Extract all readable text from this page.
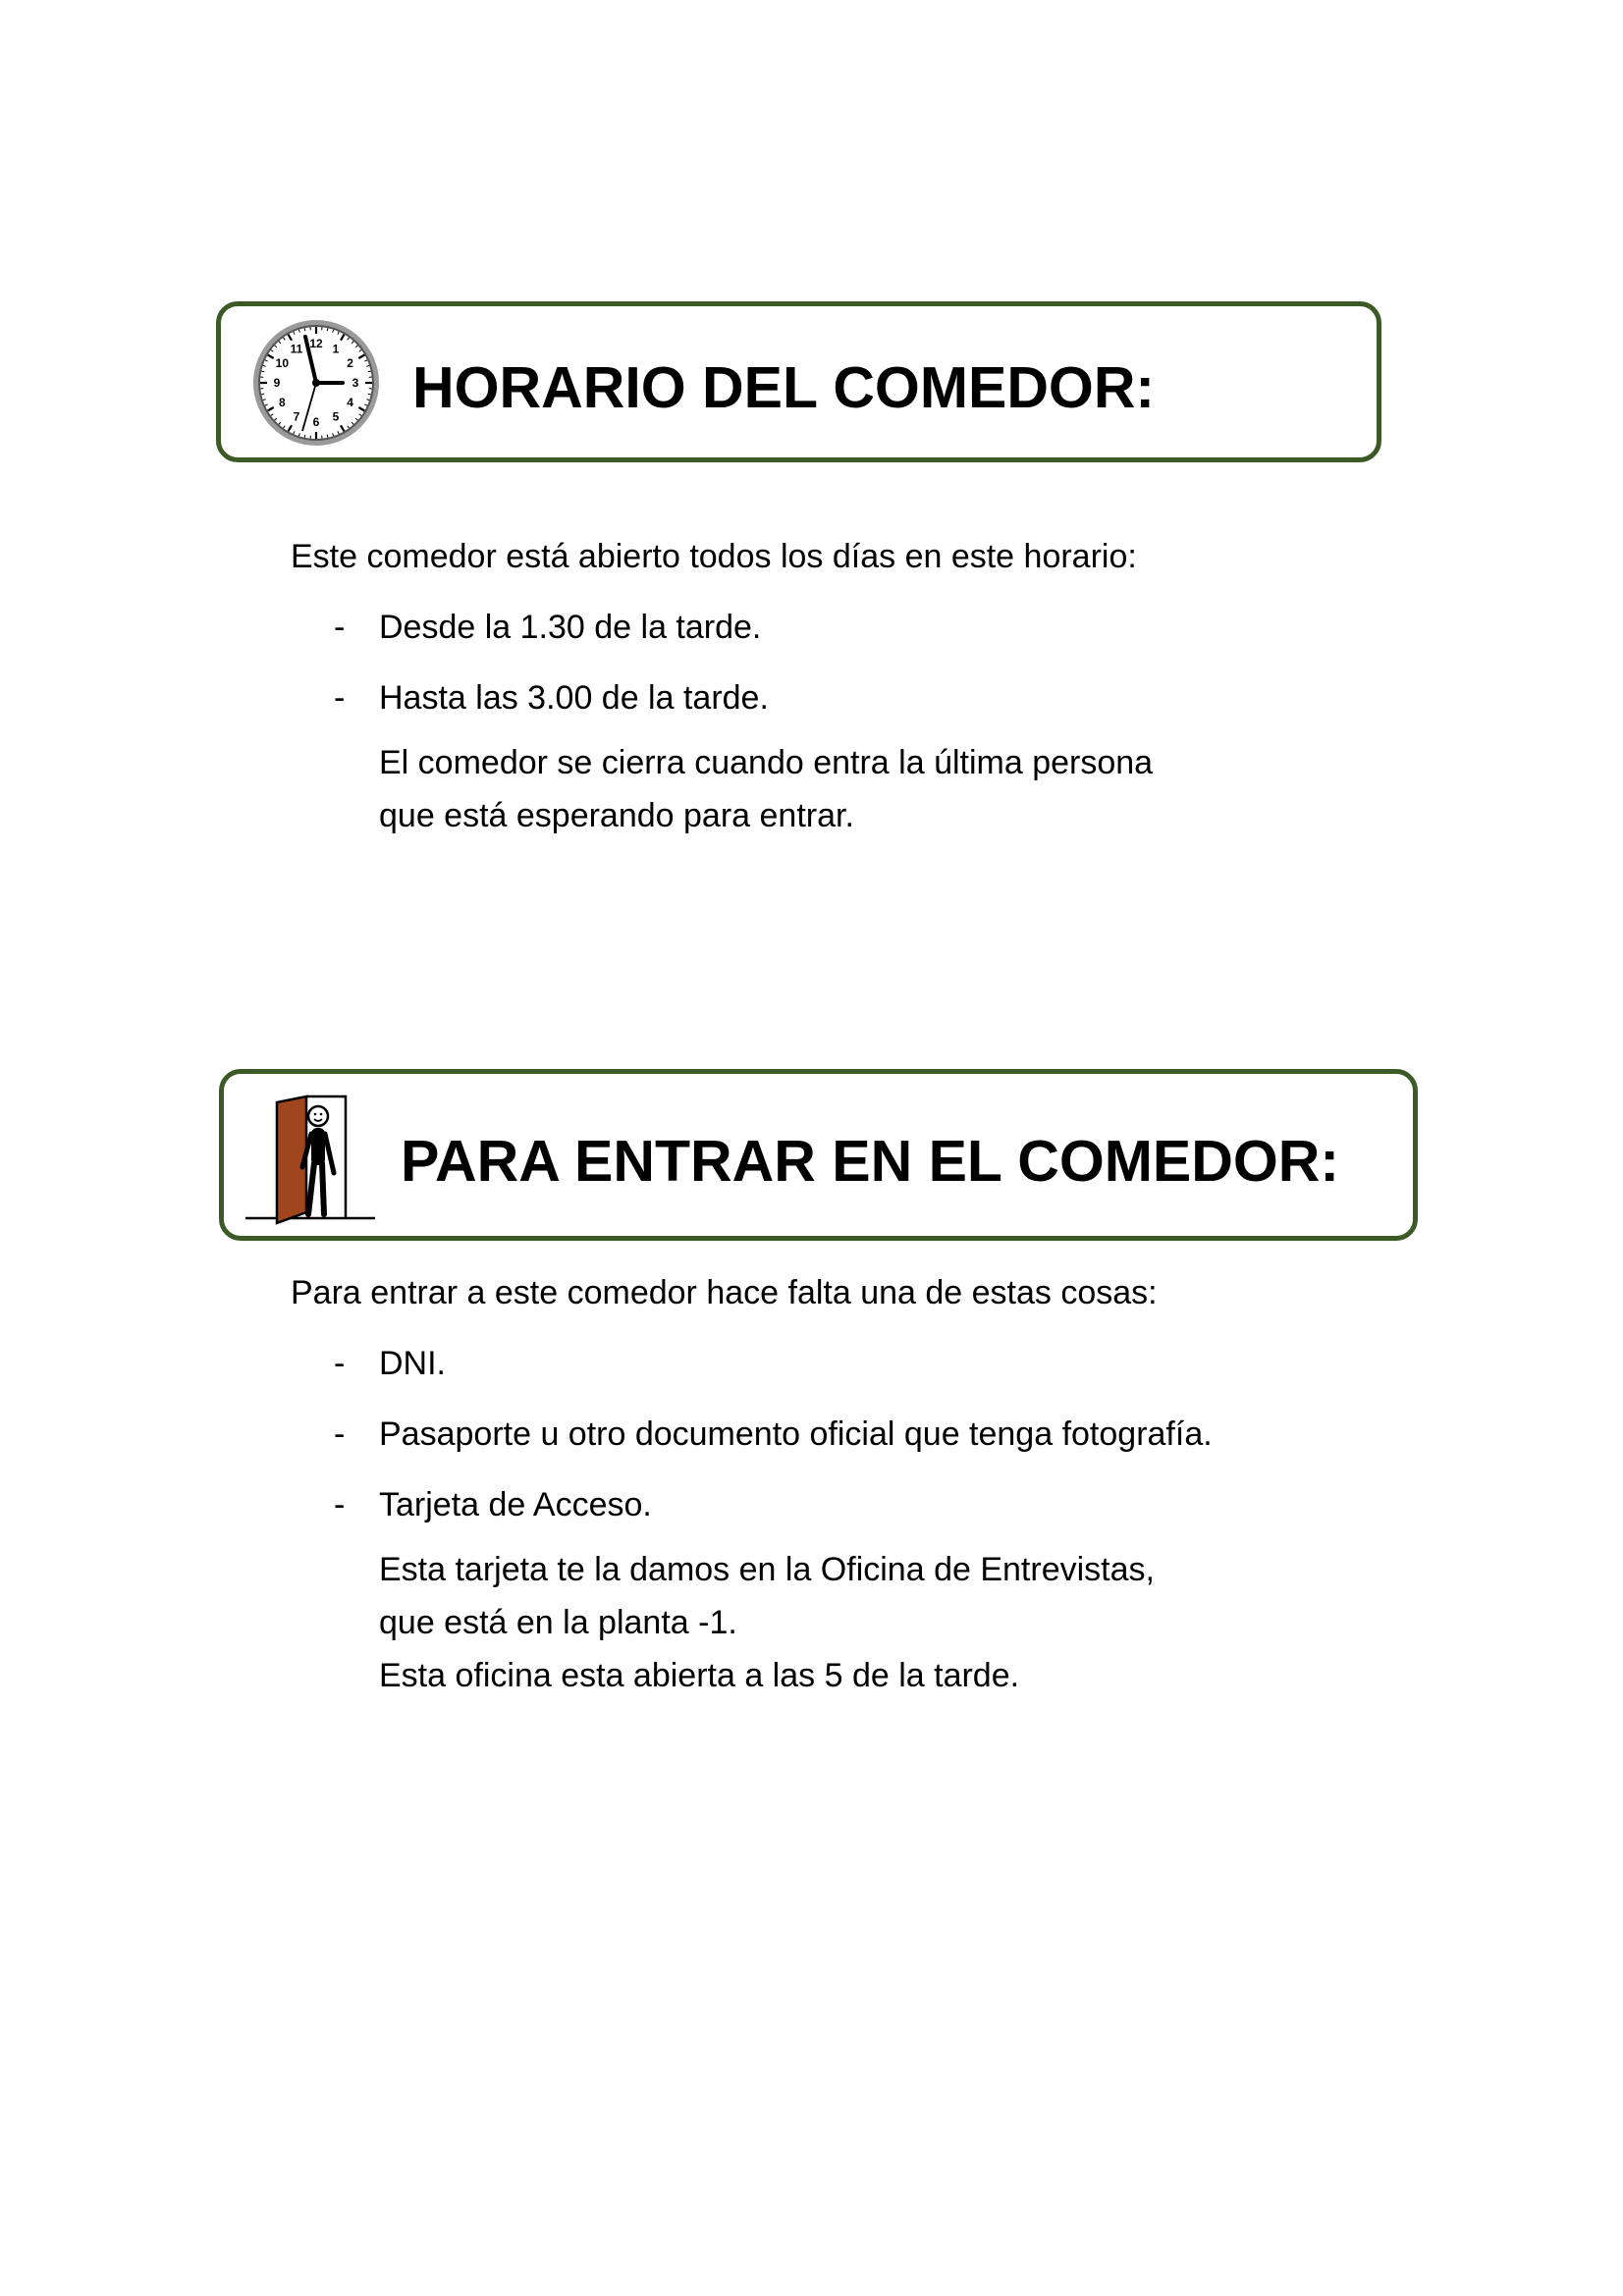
12 1
2
3
4
5
6
7
8
9
10
11
HORARIO DEL COMEDOR:

Este comedor está abierto todos los días en este horario:

- Desde la 1.30 de la tarde.
- Hasta las 3.00 de la tarde.
El comedor se cierra cuando entra la última persona
que está esperando para entrar.
PARA ENTRAR EN EL COMEDOR:

Para entrar a este comedor hace falta una de estas cosas:

- DNI.
- Pasaporte u otro documento oficial que tenga fotografía.
- Tarjeta de Acceso.
Esta tarjeta te la damos en la Oficina de Entrevistas,
que está en la planta -1.
Esta oficina esta abierta a las 5 de la tarde.
